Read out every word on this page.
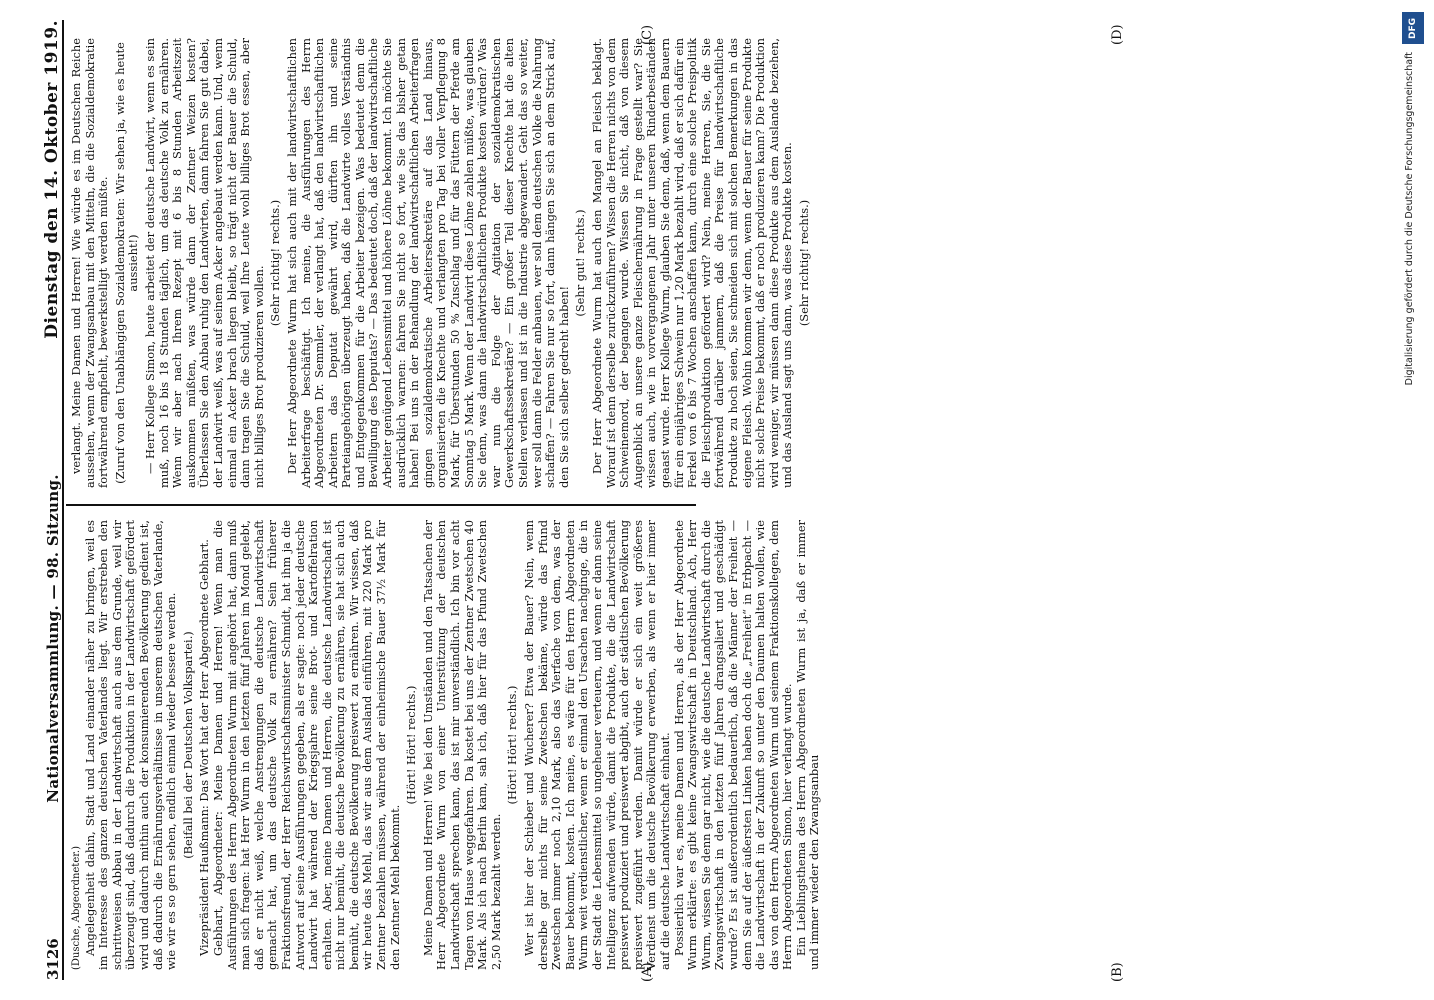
3126
Nationalversammlung. — 98. Sitzung.
Dienstag den 14. Oktober 1919.
(A)	(B)
(C)	(D)

(Dusche, Abgeordneter.) Angelegenheit dahin, Stadt und Land einander näher zu bringen, weil es im Interesse des ganzen deutschen Vaterlandes liegt. Wir erstreben den schrittweisen Abbau in der Landwirtschaft auch aus dem Grunde, weil wir überzeugt sind, daß dadurch die Produktion in der Landwirtschaft gefördert wird und dadurch mithin auch der konsumierenden Bevölkerung gedient ist, daß dadurch die Ernährungsverhältnisse in unserem deutschen Vaterlande, wie wir es so gern sehen, endlich einmal wieder bessere werden. (Beifall bei der Deutschen Volkspartei.) Vizepräsident Haußmann: Das Wort hat der Herr Abgeordnete Gebhart. Gebhart, Abgeordneter: Meine Damen und Herren! Wenn man die Ausführungen des Herrn Abgeordneten Wurm mit angehört hat, dann muß man sich fragen: hat Herr Wurm in den letzten fünf Jahren im Mond gelebt, daß er nicht weiß, welche Anstrengungen die deutsche Landwirtschaft gemacht hat, um das deutsche Volk zu ernähren? Sein früherer Fraktionsfreund, der Herr Reichswirtschaftsminister Schmidt, hat ihm ja die Antwort auf seine Ausführungen gegeben, als er sagte: noch jeder deutsche Landwirt hat während der Kriegsjahre seine Brot- und Kartoffelration erhalten. Aber, meine Damen und Herren, die deutsche Landwirtschaft ist nicht nur bemüht, die deutsche Bevölkerung zu ernähren, sie hat sich auch bemüht, die deutsche Bevölkerung preiswert zu ernähren. Wir wissen, daß wir heute das Mehl, das wir aus dem Ausland einführen, mit 220 Mark pro Zentner bezahlen müssen, während der einheimische Bauer 37½ Mark für den Zentner Mehl bekommt.

(Hört! Hört! rechts.) Meine Damen und Herren! Wie bei den Umständen und den Tatsachen der Herr Abgeordnete Wurm von einer Unterstützung der deutschen Landwirtschaft sprechen kann, das ist mir unverständlich. Ich bin vor acht Tagen von Hause weggefahren. Da kostet bei uns der Zentner Zwetschen 40 Mark. Als ich nach Berlin kam, sah ich, daß hier für das Pfund Zwetschen 2,50 Mark bezahlt werden.

(Hört! Hört! rechts.) Wer ist hier der Schieber und Wucherer? Etwa der Bauer? Nein, wenn derselbe gar nichts für seine Zwetschen bekäme, würde das Pfund Zwetschen immer noch 2,10 Mark, also das Vierfache von dem, was der Bauer bekommt, kosten. Ich meine, es wäre für den Herrn Abgeordneten Wurm weit verdienstlicher, wenn er einmal den Ursachen nachginge, die in der Stadt die Lebensmittel so ungeheuer verteuern, und wenn er dann seine Intelligenz aufwenden würde, damit die Produkte, die die Landwirtschaft preiswert produziert und preiswert abgibt, auch der städtischen Bevölkerung preiswert zugeführt werden. Damit würde er sich ein weit größeres Verdienst um die deutsche Bevölkerung erwerben, als wenn er hier immer auf die deutsche Landwirtschaft einhaut. Possierlich war es, meine Damen und Herren, als der Herr Abgeordnete Wurm erklärte: es gibt keine Zwangswirtschaft in Deutschland. Ach, Herr Wurm, wissen Sie denn gar nicht, wie die deutsche Landwirtschaft durch die Zwangswirtschaft in den letzten fünf Jahren drangsaliert und geschädigt wurde? Es ist außerordentlich bedauerlich, daß die Männer der Freiheit — denn Sie auf der äußersten Linken haben doch die „Freiheit“ in Erbpacht — die Landwirtschaft in der Zukunft so unter den Daumen halten wollen, wie das von dem Herrn Abgeordneten Wurm und seinem Fraktionskollegen, dem Herrn Abgeordneten Simon, hier verlangt wurde. Ein Lieblingsthema des Herrn Abgeordneten Wurm ist ja, daß er immer und immer wieder den Zwangsanbau

verlangt. Meine Damen und Herren! Wie würde es im Deutschen Reiche aussehen, wenn der Zwangsanbau mit den Mitteln, die die Sozialdemokratie fortwährend empfiehlt, bewerkstelligt werden müßte. (Zuruf von den Unabhängigen Sozialdemokraten: Wir sehen ja, wie es heute aussieht!) — Herr Kollege Simon, heute arbeitet der deutsche Landwirt, wenn es sein muß, noch 16 bis 18 Stunden täglich, um das deutsche Volk zu ernähren. Wenn wir aber nach Ihrem Rezept mit 6 bis 8 Stunden Arbeitszeit auskommen müßten, was würde dann der Zentner Weizen kosten? Überlassen Sie den Anbau ruhig den Landwirten, dann fahren Sie gut dabei, der Landwirt weiß, was auf seinem Acker angebaut werden kann. Und, wenn einmal ein Acker brach liegen bleibt, so trägt nicht der Bauer die Schuld, dann tragen Sie die Schuld, weil Ihre Leute wohl billiges Brot essen, aber nicht billiges Brot produzieren wollen.

(Sehr richtig! rechts.) Der Herr Abgeordnete Wurm hat sich auch mit der landwirtschaftlichen Arbeiterfrage beschäftigt. Ich meine, die Ausführungen des Herrn Abgeordneten Dr. Semmler, der verlangt hat, daß den landwirtschaftlichen Arbeitern das Deputat gewährt wird, dürften ihn und seine Parteiangehörigen überzeugt haben, daß die Landwirte volles Verständnis und Entgegenkommen für die Arbeiter bezeigen. Was bedeutet denn die Bewilligung des Deputats? — Das bedeutet doch, daß der landwirtschaftliche Arbeiter genügend Lebensmittel und höhere Löhne bekommt. Ich möchte Sie ausdrücklich warnen: fahren Sie nicht so fort, wie Sie das bisher getan haben! Bei uns in der Behandlung der landwirtschaftlichen Arbeiterfragen gingen sozialdemokratische Arbeitersekretäre auf das Land hinaus, organisierten die Knechte und verlangten pro Tag bei voller Verpflegung 8 Mark, für Überstunden 50 % Zuschlag und für das Füttern der Pferde am Sonntag 5 Mark. Wenn der Landwirt diese Löhne zahlen müßte, was glauben Sie denn, was dann die landwirtschaftlichen Produkte kosten würden? Was war nun die Folge der Agitation der sozialdemokratischen Gewerkschaftssekretäre? — Ein großer Teil dieser Knechte hat die alten Stellen verlassen und ist in die Industrie abgewandert. Geht das so weiter, wer soll dann die Felder anbauen, wer soll dem deutschen Volke die Nahrung schaffen? — Fahren Sie nur so fort, dann hängen Sie sich an dem Strick auf, den Sie sich selber gedreht haben!

(Sehr gut! rechts.) Der Herr Abgeordnete Wurm hat auch den Mangel an Fleisch beklagt. Worauf ist denn derselbe zurückzuführen? Wissen die Herren nichts von dem Schweinemord, der begangen wurde. Wissen Sie nicht, daß von diesem Augenblick an unsere ganze Fleischernährung in Frage gestellt war? Sie wissen auch, wie in vorvergangenen Jahr unter unseren Rinderbeständen geaast wurde. Herr Kollege Wurm, glauben Sie denn, daß, wenn dem Bauern für ein einjähriges Schwein nur 1,20 Mark bezahlt wird, daß er sich dafür ein Ferkel von 6 bis 7 Wochen anschaffen kann, durch eine solche Preispolitik die Fleischproduktion gefördert wird? Nein, meine Herren, Sie, die Sie fortwährend darüber jammern, daß die Preise für landwirtschaftliche Produkte zu hoch seien, Sie schneiden sich mit solchen Bemerkungen in das eigene Fleisch. Wohin kommen wir denn, wenn der Bauer für seine Produkte nicht solche Preise bekommt, daß er noch produzieren kann? Die Produktion wird weniger, wir müssen dann diese Produkte aus dem Auslande beziehen, und das Ausland sagt uns dann, was diese Produkte kosten. (Sehr richtig! rechts.)

DFG
Digitalisierung gefördert durch die Deutsche Forschungsgemeinschaft
